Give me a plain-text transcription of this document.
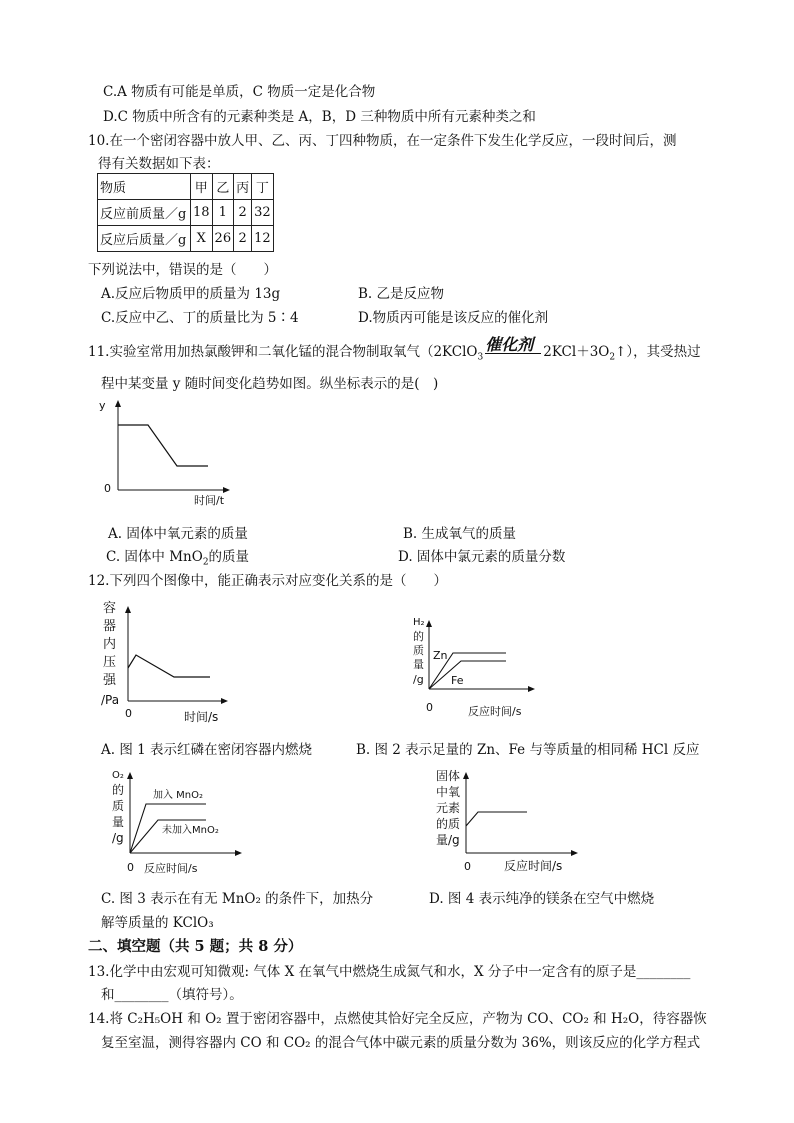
C.A 物质有可能是单质，C 物质一定是化合物
D.C 物质中所含有的元素种类是 A，B，D 三种物质中所有元素种类之和
10.在一个密闭容器中放人甲、乙、丙、丁四种物质，在一定条件下发生化学反应，一段时间后，测
得有关数据如下表：
物质	甲	乙	丙	丁
反应前质量／g	18	1	2	32
反应后质量／g	X	26	2	12
下列说法中，错误的是（　　）
A.反应后物质甲的质量为 13g	B. 乙是反应物
C.反应中乙、丁的质量比为 5∶4	D.物质丙可能是该反应的催化剂
11.实验室常用加热氯酸钾和二氧化锰的混合物制取氧气（2KClO$_3$
催化剂 $2KCl+3O_2↑$），其受热过
程中某变量 y 随时间变化趋势如图。纵坐标表示的是(　)
y
0
时间/t
A. 固体中氧元素的质量	B. 生成氧气的质量
C. 固体中 MnO$_2$的质量	D. 固体中氯元素的质量分数
12.下列四个图像中，能正确表示对应变化关系的是（　　）
容
器
内
压
强
/Pa
0	时间/s
H₂
的
质
量
/g
Zn
Fe
0	反应时间/s
A. 图 1 表示红磷在密闭容器内燃烧	B. 图 2 表示足量的 Zn、Fe 与等质量的相同稀 HCl 反应
O₂
的
质
量
/g
加入 MnO₂
未加入MnO₂
0 反应时间/s
固体
中氧
元素
的质
量/g
0	反应时间/s
C. 图 3 表示在有无 MnO₂ 的条件下，加热分
解等质量的 KClO₃
D. 图 4 表示纯净的镁条在空气中燃烧
二、填空题（共 5 题；共 8 分）
13.化学中由宏观可知微观: 气体 X 在氧气中燃烧生成氮气和水，X 分子中一定含有的原子是________
和________（填符号）。
14.将 C₂H₅OH 和 O₂ 置于密闭容器中，点燃使其恰好完全反应，产物为 CO、CO₂ 和 H₂O，待容器恢
复至室温，测得容器内 CO 和 CO₂ 的混合气体中碳元素的质量分数为 36%，则该反应的化学方程式
